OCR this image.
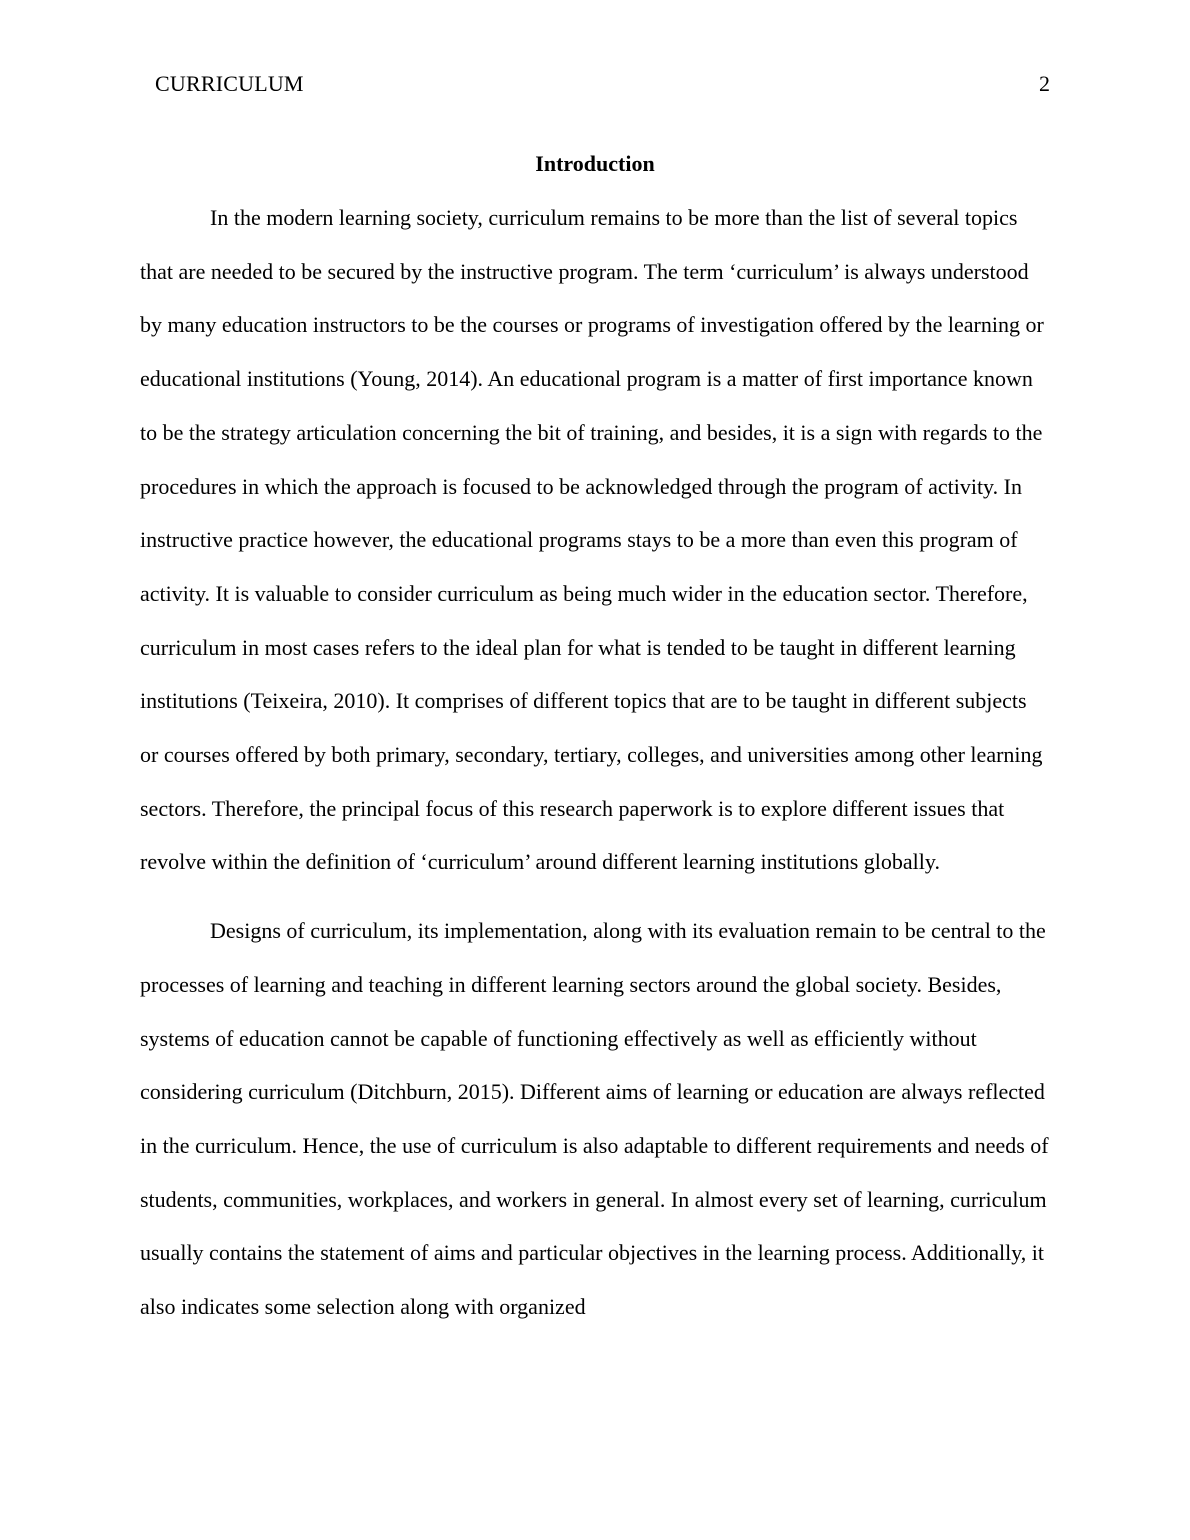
CURRICULUM	2
Introduction

In the modern learning society, curriculum remains to be more than the list of several topics that are needed to be secured by the instructive program. The term ‘curriculum’ is always understood by many education instructors to be the courses or programs of investigation offered by the learning or educational institutions (Young, 2014). An educational program is a matter of first importance known to be the strategy articulation concerning the bit of training, and besides, it is a sign with regards to the procedures in which the approach is focused to be acknowledged through the program of activity. In instructive practice however, the educational programs stays to be a more than even this program of activity. It is valuable to consider curriculum as being much wider in the education sector. Therefore, curriculum in most cases refers to the ideal plan for what is tended to be taught in different learning institutions (Teixeira, 2010). It comprises of different topics that are to be taught in different subjects or courses offered by both primary, secondary, tertiary, colleges, and universities among other learning sectors. Therefore, the principal focus of this research paperwork is to explore different issues that revolve within the definition of ‘curriculum’ around different learning institutions globally.

Designs of curriculum, its implementation, along with its evaluation remain to be central to the processes of learning and teaching in different learning sectors around the global society. Besides, systems of education cannot be capable of functioning effectively as well as efficiently without considering curriculum (Ditchburn, 2015). Different aims of learning or education are always reflected in the curriculum. Hence, the use of curriculum is also adaptable to different requirements and needs of students, communities, workplaces, and workers in general. In almost every set of learning, curriculum usually contains the statement of aims and particular objectives in the learning process. Additionally, it also indicates some selection along with organized
